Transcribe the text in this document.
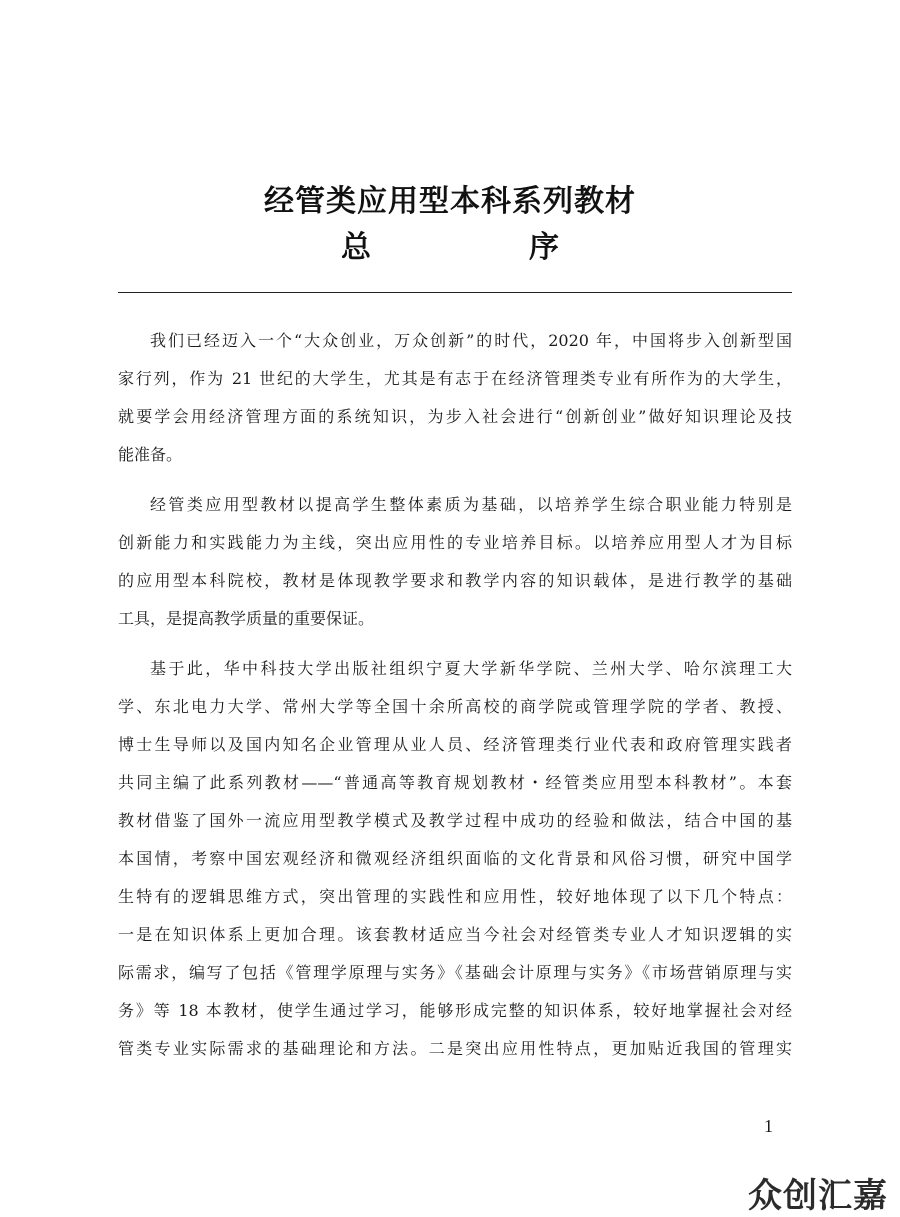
经管类应用型本科系列教材
总　序
我们已经迈入一个“大众创业，万众创新”的时代，2020 年，中国将步入创新型国
家行列，作为 21 世纪的大学生，尤其是有志于在经济管理类专业有所作为的大学生，
就要学会用经济管理方面的系统知识，为步入社会进行“创新创业”做好知识理论及技
能准备。
经管类应用型教材以提高学生整体素质为基础，以培养学生综合职业能力特别是
创新能力和实践能力为主线，突出应用性的专业培养目标。以培养应用型人才为目标
的应用型本科院校，教材是体现教学要求和教学内容的知识载体，是进行教学的基础
工具，是提高教学质量的重要保证。
基于此，华中科技大学出版社组织宁夏大学新华学院、兰州大学、哈尔滨理工大
学、东北电力大学、常州大学等全国十余所高校的商学院或管理学院的学者、教授、
博士生导师以及国内知名企业管理从业人员、经济管理类行业代表和政府管理实践者
共同主编了此系列教材——“普通高等教育规划教材・经管类应用型本科教材”。本套
教材借鉴了国外一流应用型教学模式及教学过程中成功的经验和做法，结合中国的基
本国情，考察中国宏观经济和微观经济组织面临的文化背景和风俗习惯，研究中国学
生特有的逻辑思维方式，突出管理的实践性和应用性，较好地体现了以下几个特点：
一是在知识体系上更加合理。该套教材适应当今社会对经管类专业人才知识逻辑的实
际需求，编写了包括《管理学原理与实务》《基础会计原理与实务》《市场营销原理与实
务》等 18 本教材，使学生通过学习，能够形成完整的知识体系，较好地掌握社会对经
管类专业实际需求的基础理论和方法。二是突出应用性特点，更加贴近我国的管理实
1
众创汇嘉
